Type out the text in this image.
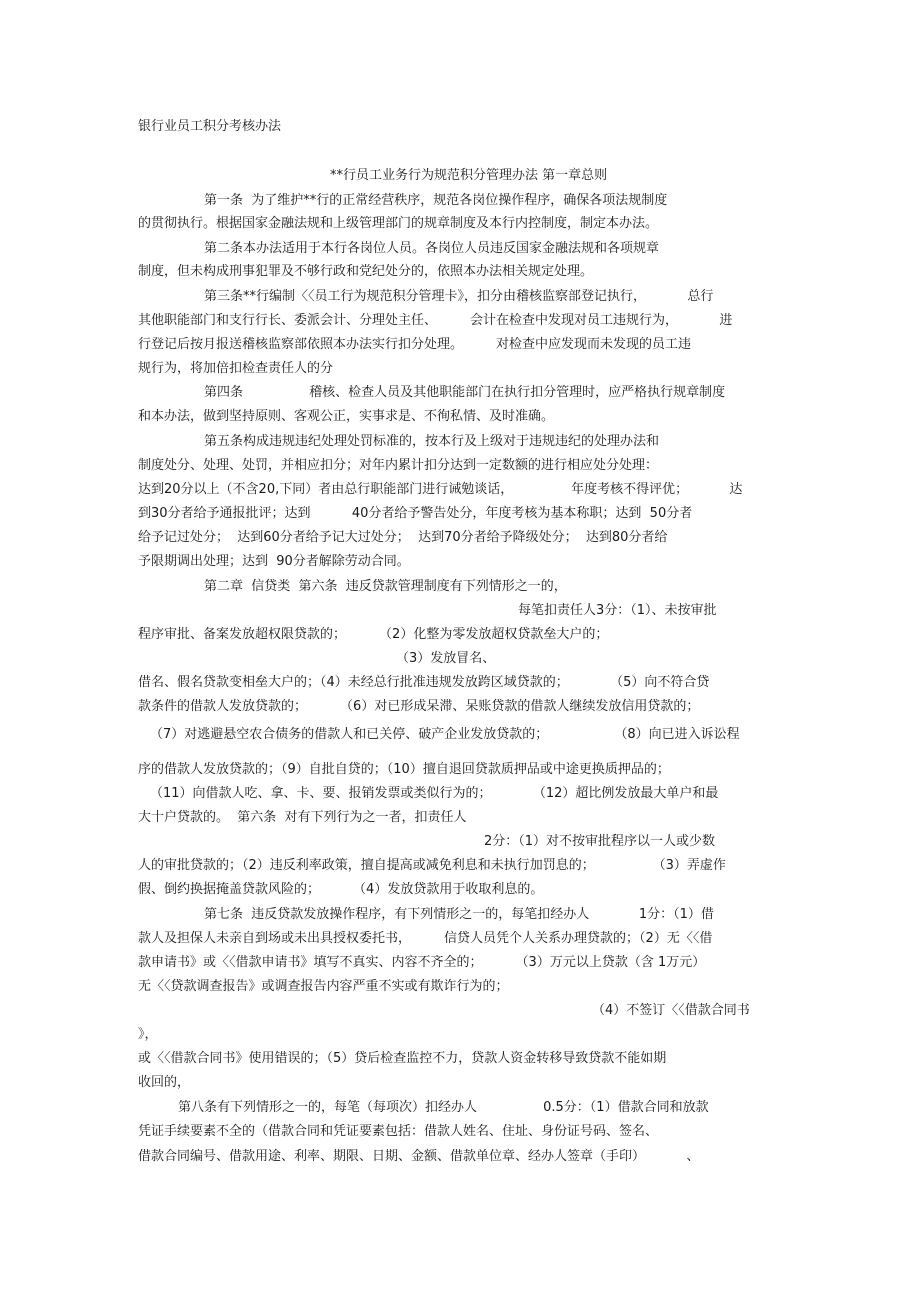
银行业员工积分考核办法
**行员工业务行为规范积分管理办法 第一章总则
第一条  为了维护**行的正常经营秩序，规范各岗位操作程序，确保各项法规制度
的贯彻执行。根据国家金融法规和上级管理部门的规章制度及本行内控制度，制定本办法。
第二条本办法适用于本行各岗位人员。各岗位人员违反国家金融法规和各项规章
制度，但未构成刑事犯罪及不够行政和党纪处分的，依照本办法相关规定处理。
第三条**行编制〈〈员工行为规范积分管理卡》，扣分由稽核监察部登记执行，          总行
其他职能部门和支行行长、委派会计、分理处主任、        会计在检查中发现对员工违规行为，          进
行登记后按月报送稽核监察部依照本办法实行扣分处理。        对检查中应发现而未发现的员工违
规行为，将加倍扣检查责任人的分
第四条                稽核、检查人员及其他职能部门在执行扣分管理时，应严格执行规章制度
和本办法，做到坚持原则、客观公正，实事求是、不徇私情、及时准确。
第五条构成违规违纪处理处罚标准的，按本行及上级对于违规违纪的处理办法和
制度处分、处理、处罚，并相应扣分；对年内累计扣分达到一定数额的进行相应处分处理：
达到20分以上（不含20,下同）者由总行职能部门进行诫勉谈话，              年度考核不得评优；          达
到30分者给予通报批评；达到          40分者给予警告处分，年度考核为基本称职；达到  50分者
给予记过处分；  达到60分者给予记大过处分；  达到70分者给予降级处分；  达到80分者给
予限期调出处理；达到  90分者解除劳动合同。
第二章  信贷类  第六条  违反贷款管理制度有下列情形之一的，
每笔扣责任人3分：（1）、未按审批
程序审批、备案发放超权限贷款的；        （2）化整为零发放超权贷款垒大户的；
（3）发放冒名、
借名、假名贷款变相垒大户的；（4）未经总行批准违规发放跨区域贷款的；          （5）向不符合贷
款条件的借款人发放贷款的；        （6）对已形成呆滞、呆账贷款的借款人继续发放信用贷款的；
（7）对逃避悬空农合债务的借款人和已关停、破产企业发放贷款的；                （8）向已进入诉讼程
序的借款人发放贷款的；（9）自批自贷的；（10）擅自退回贷款质押品或中途更换质押品的；
（11）向借款人吃、拿、卡、要、报销发票或类似行为的；          （12）超比例发放最大单户和最
大十户贷款的。  第六条  对有下列行为之一者，扣责任人
2分：（1）对不按审批程序以一人或少数
人的审批贷款的；（2）违反利率政策，擅自提高或减免利息和未执行加罚息的；              （3）弄虚作
假、倒约换据掩盖贷款风险的；        （4）发放贷款用于收取利息的。
第七条  违反贷款发放操作程序，有下列情形之一的，每笔扣经办人            1分：（1）借
款人及担保人未亲自到场或未出具授权委托书，        信贷人员凭个人关系办理贷款的；（2）无〈〈借
款申请书》或〈〈借款申请书》填写不真实、内容不齐全的；        （3）万元以上贷款（含 1万元）
无〈〈贷款调查报告》或调查报告内容严重不实或有欺诈行为的；
（4）不签订〈〈借款合同书
》，
或〈〈借款合同书》使用错误的；（5）贷后检查监控不力，贷款人资金转移导致贷款不能如期
收回的，
第八条有下列情形之一的，每笔（每项次）扣经办人                0.5分：（1）借款合同和放款
凭证手续要素不全的（借款合同和凭证要素包括：借款人姓名、住址、身份证号码、签名、
借款合同编号、借款用途、利率、期限、日期、金额、借款单位章、经办人签章（手印）          、
